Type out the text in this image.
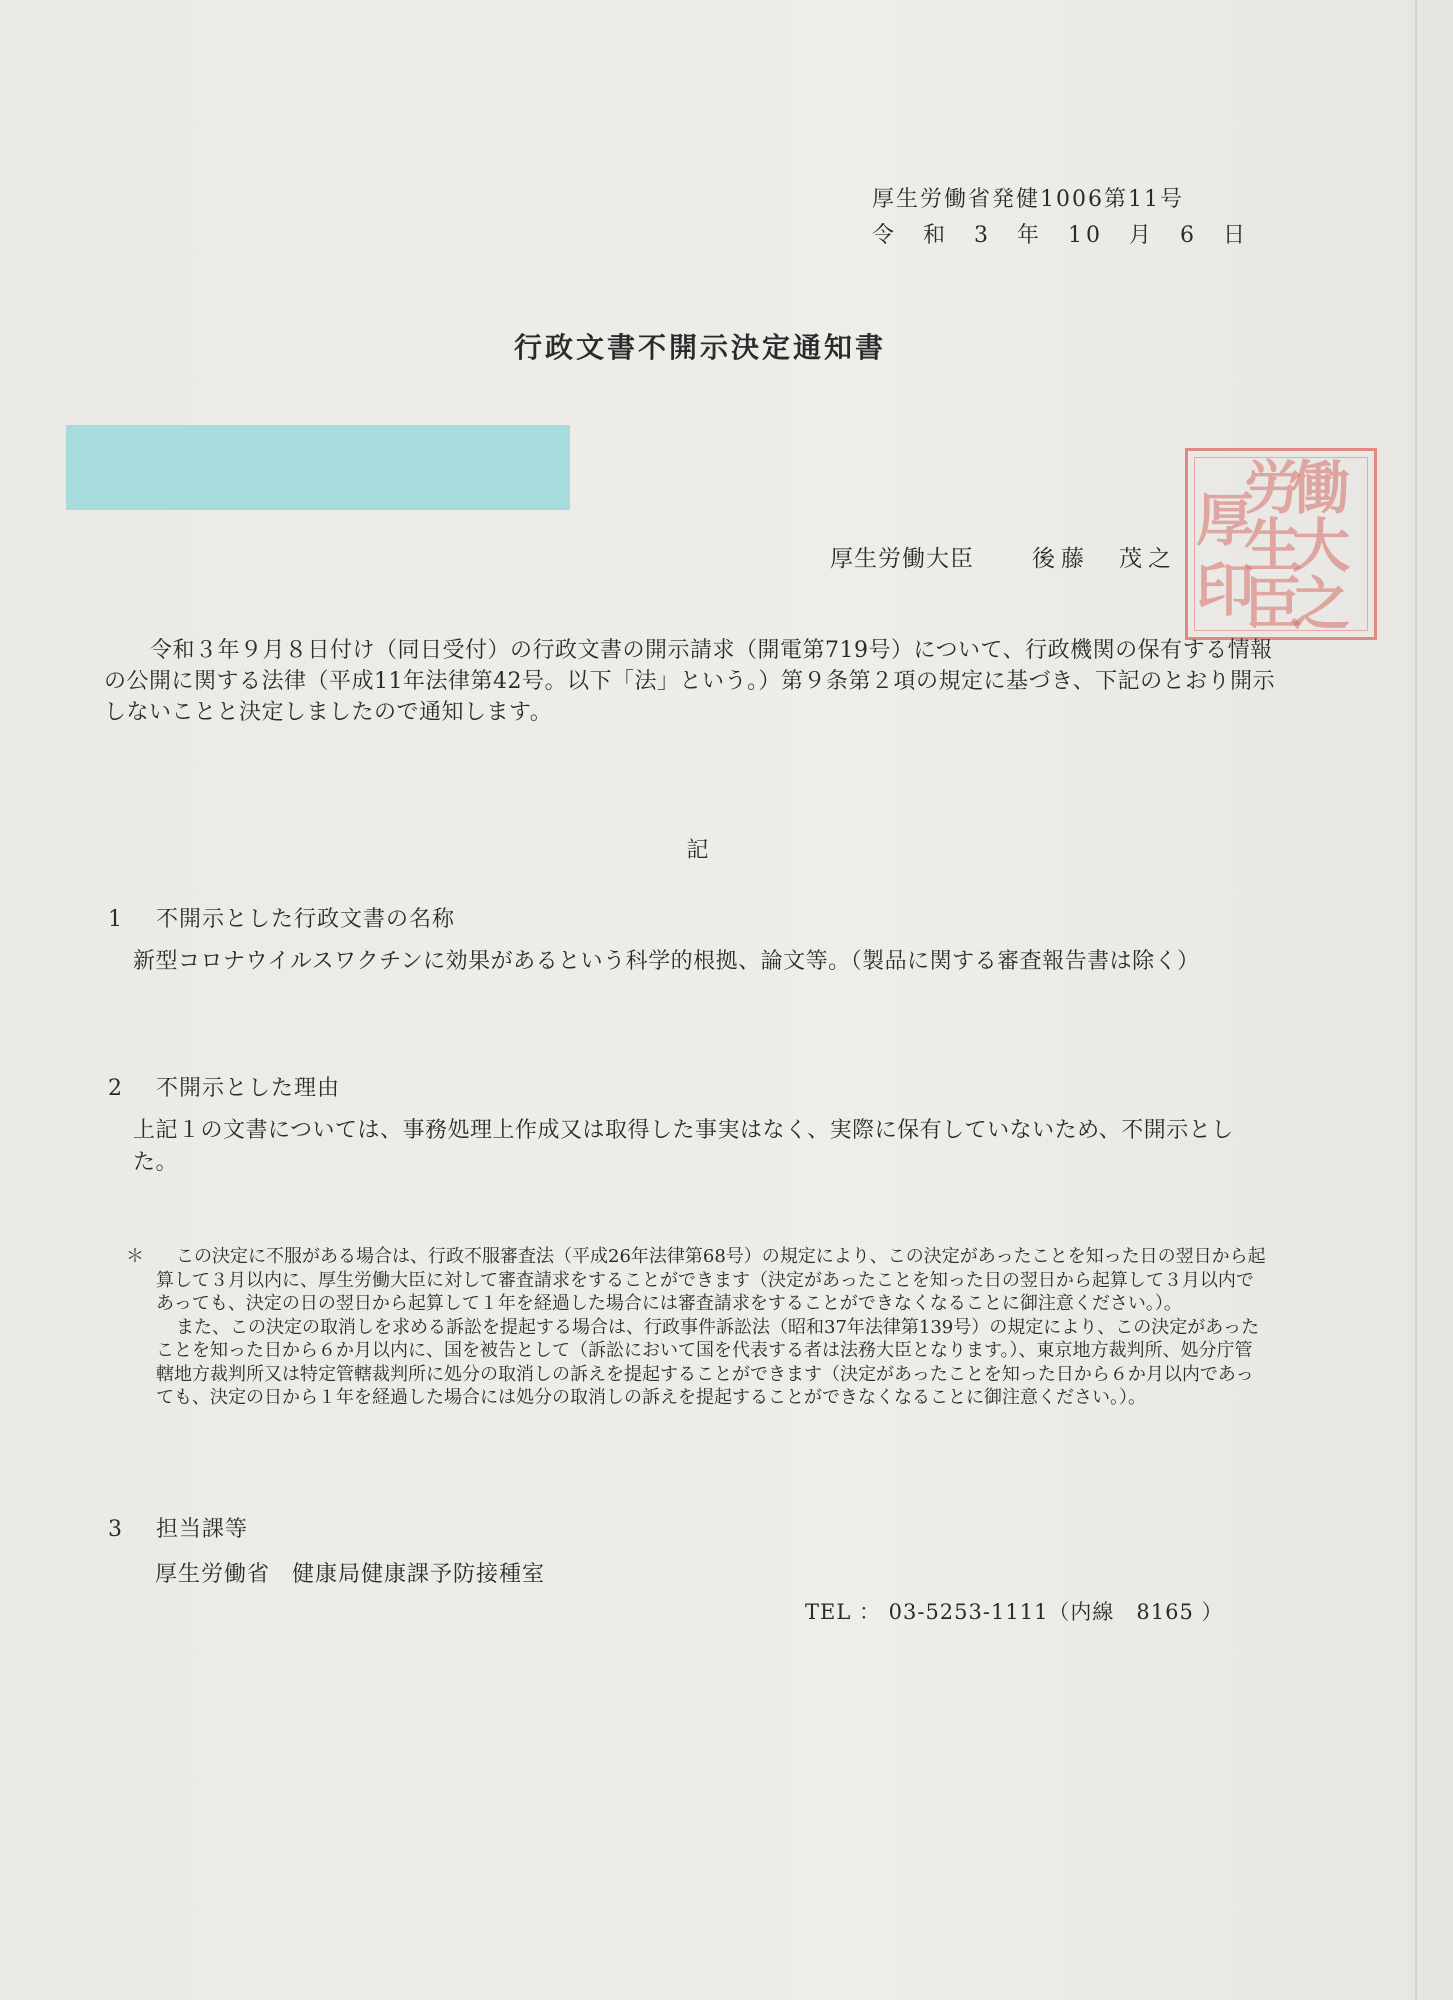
厚生労働省発健1006第11号
令 和 3 年 10 月 6 日
行政文書不開示決定通知書
働
大
之
労
生
臣
厚
印
厚生労働大臣	後藤　茂之

令和３年９月８日付け（同日受付）の行政文書の開示請求（開電第719号）について、行政機関の保有する情報の公開に関する法律（平成11年法律第42号。以下「法」という。）第９条第２項の規定に基づき、下記のとおり開示しないことと決定しましたので通知します。

記
1 不開示とした行政文書の名称
新型コロナウイルスワクチンに効果があるという科学的根拠、論文等。（製品に関する審査報告書は除く）
2 不開示とした理由
上記１の文書については、事務処理上作成又は取得した事実はなく、実際に保有していないため、不開示とした。
＊	この決定に不服がある場合は、行政不服審査法（平成26年法律第68号）の規定により、この決定があったことを知った日の翌日から起算して３月以内に、厚生労働大臣に対して審査請求をすることができます（決定があったことを知った日の翌日から起算して３月以内であっても、決定の日の翌日から起算して１年を経過した場合には審査請求をすることができなくなることに御注意ください。）。

また、この決定の取消しを求める訴訟を提起する場合は、行政事件訴訟法（昭和37年法律第139号）の規定により、この決定があったことを知った日から６か月以内に、国を被告として（訴訟において国を代表する者は法務大臣となります。）、東京地方裁判所、処分庁管轄地方裁判所又は特定管轄裁判所に処分の取消しの訴えを提起することができます（決定があったことを知った日から６か月以内であっても、決定の日から１年を経過した場合には処分の取消しの訴えを提起することができなくなることに御注意ください。）。

3 担当課等
厚生労働省 健康局健康課予防接種室
TEL ： 03-5253-1111（内線　8165 ）
